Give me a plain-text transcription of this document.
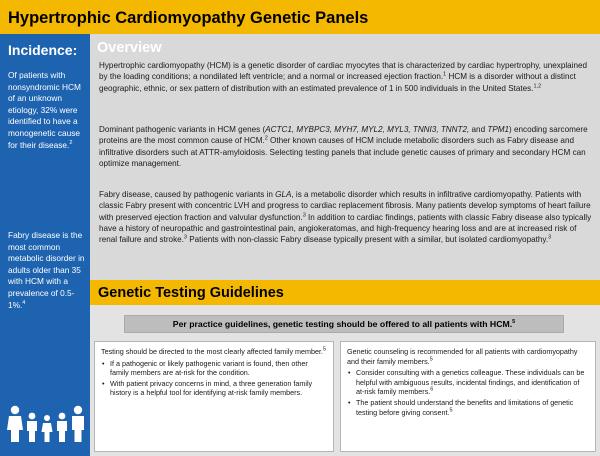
Hypertrophic Cardiomyopathy Genetic Panels
Incidence:

Of patients with nonsyndromic HCM of an unknown etiology, 32% were identified to have a monogenetic cause for their disease.$^2$

Fabry disease is the most common metabolic disorder in adults older than 35 with HCM with a prevalence of 0.5-1%.$^4$

Overview

Hypertrophic cardiomyopathy (HCM) is a genetic disorder of cardiac myocytes that is characterized by cardiac hypertrophy, unexplained by the loading conditions; a nondilated left ventricle; and a normal or increased ejection fraction.$^1$ HCM is a disorder without a distinct geographic, ethnic, or sex pattern of distribution with an estimated prevalence of 1 in 500 individuals in the United States.$^{1,2}$

Dominant pathogenic variants in HCM genes (ACTC1, MYBPC3, MYH7, MYL2, MYL3, TNNI3, TNNT2, and TPM1) encoding sarcomere proteins are the most common cause of HCM.$^2$ Other known causes of HCM include metabolic disorders such as Fabry disease and infiltrative disorders such at ATTR-amyloidosis. Selecting testing panels that include genetic causes of primary and secondary HCM can optimize management.

Fabry disease, caused by pathogenic variants in GLA, is a metabolic disorder which results in infiltrative cardiomyopathy. Patients with classic Fabry present with concentric LVH and progress to cardiac replacement fibrosis. Many patients develop symptoms of heart failure with preserved ejection fraction and valvular dysfunction.$^3$ In addition to cardiac findings, patients with classic Fabry disease also typically have a history of neuropathic and gastrointestinal pain, angiokeratomas, and high-frequency hearing loss and are at increased risk of renal failure and stroke.$^3$ Patients with non-classic Fabry disease typically present with a similar, but isolated cardiomyopathy.$^3$

Genetic Testing Guidelines
Per practice guidelines, genetic testing should be offered to all patients with HCM.$^5$

Testing should be directed to the most clearly affected family member.$^5$

• If a pathogenic or likely pathogenic variant is found, then other family members are at-risk for the condition.
• With patient privacy concerns in mind, a three generation family history is a helpful tool for identifying at-risk family members.

Genetic counseling is recommended for all patients with cardiomyopathy and their family members.$^5$

• Consider consulting with a genetics colleague. These individuals can be helpful with ambiguous results, incidental findings, and identification of at-risk family members.$^6$
• The patient should understand the benefits and limitations of genetic testing before giving consent.$^5$
